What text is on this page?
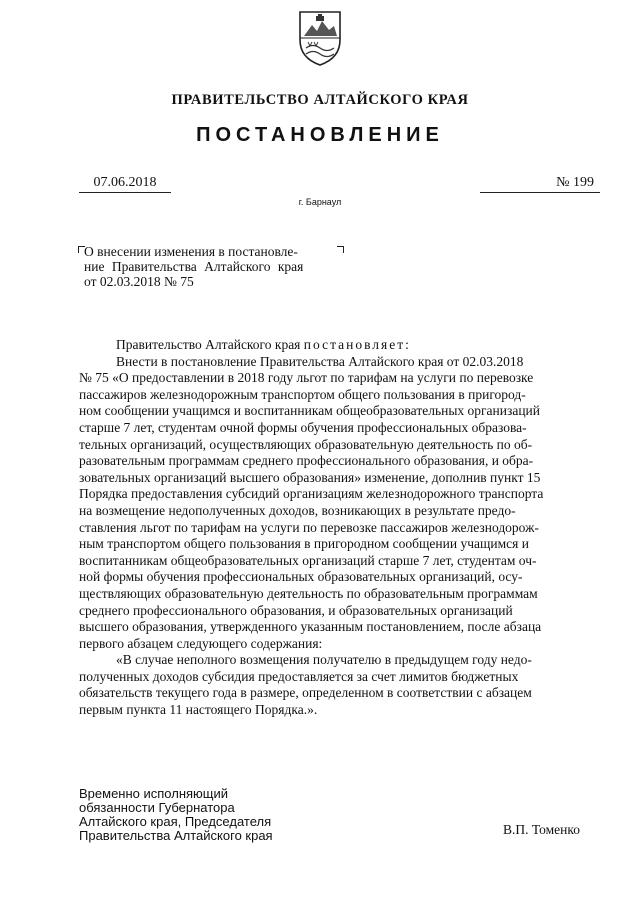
ПРАВИТЕЛЬСТВО АЛТАЙСКОГО КРАЯ
ПОСТАНОВЛЕНИЕ
07.06.2018	№ 199
г. Барнаул
О внесении изменения в постановле-
ние Правительства Алтайского края
от 02.03.2018 № 75
Правительство Алтайского края постановляет:
Внести в постановление Правительства Алтайского края от 02.03.2018
№ 75 «О предоставлении в 2018 году льгот по тарифам на услуги по перевозке
пассажиров железнодорожным транспортом общего пользования в пригород-
ном сообщении учащимся и воспитанникам общеобразовательных организаций
старше 7 лет, студентам очной формы обучения профессиональных образова-
тельных организаций, осуществляющих образовательную деятельность по об-
разовательным программам среднего профессионального образования, и обра-
зовательных организаций высшего образования» изменение, дополнив пункт 15
Порядка предоставления субсидий организациям железнодорожного транспорта
на возмещение недополученных доходов, возникающих в результате предо-
ставления льгот по тарифам на услуги по перевозке пассажиров железнодорож-
ным транспортом общего пользования в пригородном сообщении учащимся и
воспитанникам общеобразовательных организаций старше 7 лет, студентам оч-
ной формы обучения профессиональных образовательных организаций, осу-
ществляющих образовательную деятельность по образовательным программам
среднего профессионального образования, и образовательных организаций
высшего образования, утвержденного указанным постановлением, после абзаца
первого абзацем следующего содержания:
«В случае неполного возмещения получателю в предыдущем году недо-
полученных доходов субсидия предоставляется за счет лимитов бюджетных
обязательств текущего года в размере, определенном в соответствии с абзацем
первым пункта 11 настоящего Порядка.».
Временно исполняющий
обязанности Губернатора
Алтайского края, Председателя
Правительства Алтайского края	В.П. Томенко
